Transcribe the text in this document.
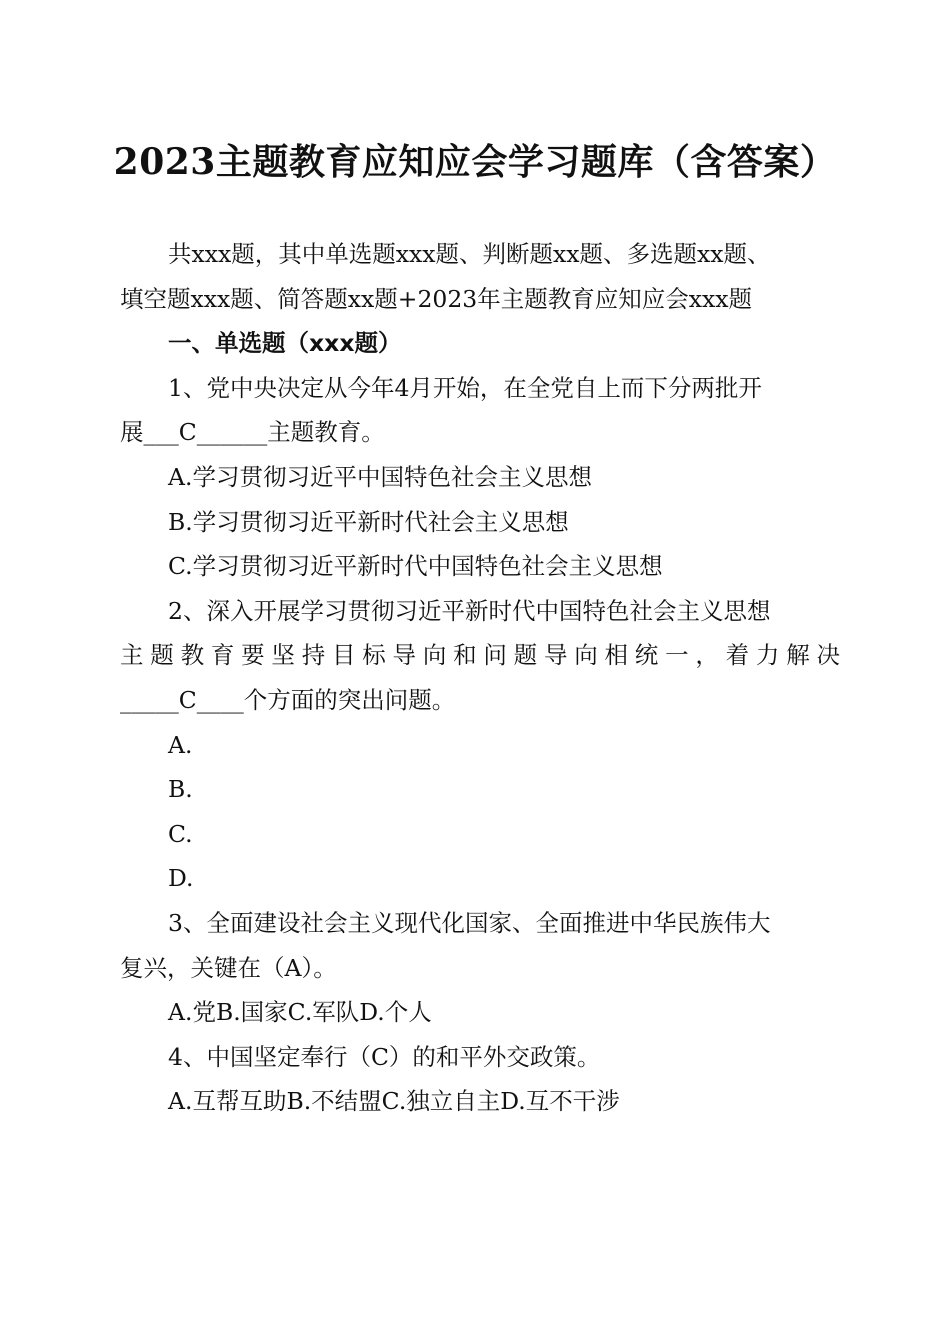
2023主题教育应知应会学习题库（含答案）

共xxx题，其中单选题xxx题、判断题xx题、多选题xx题、

填空题xxx题、简答题xx题+2023年主题教育应知应会xxx题

一、单选题（xxx题）

1、党中央决定从今年4月开始，在全党自上而下分两批开

展___C______主题教育。

A.学习贯彻习近平中国特色社会主义思想

B.学习贯彻习近平新时代社会主义思想

C.学习贯彻习近平新时代中国特色社会主义思想

2、深入开展学习贯彻习近平新时代中国特色社会主义思想

主题教育要坚持目标导向和问题导向相统一，着力解决

_____C____个方面的突出问题。

A.

B.

C.

D.

3、全面建设社会主义现代化国家、全面推进中华民族伟大

复兴，关键在（A）。

A.党B.国家C.军队D.个人

4、中国坚定奉行（C）的和平外交政策。

A.互帮互助B.不结盟C.独立自主D.互不干涉
